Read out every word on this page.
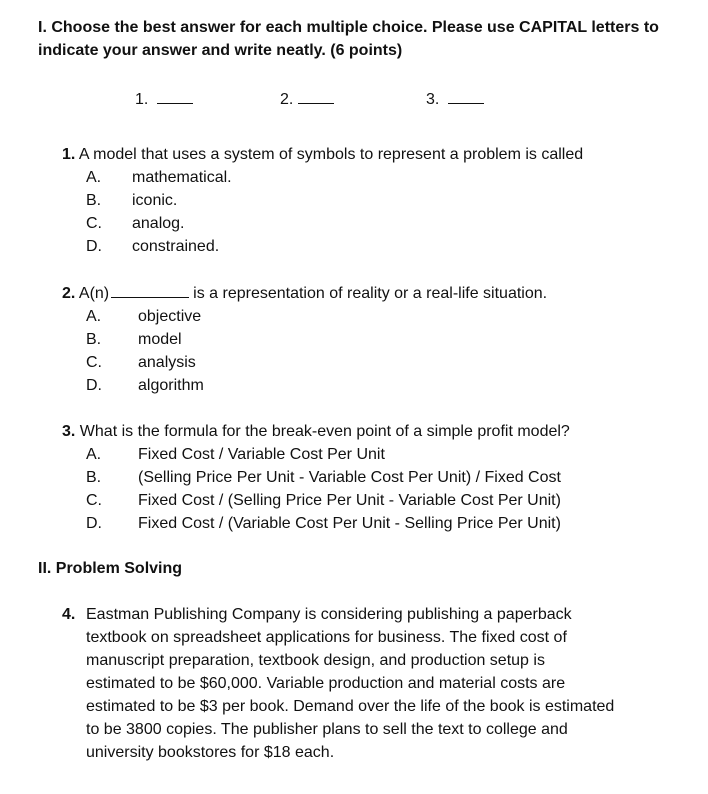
I. Choose the best answer for each multiple choice. Please use CAPITAL letters to
indicate your answer and write neatly. (6 points)
1.	2.	3.
1. A model that uses a system of symbols to represent a problem is called
A. mathematical.
B. iconic.
C. analog.
D. constrained.
2. A(n)	is a representation of reality or a real-life situation.
A. objective
B. model
C. analysis
D. algorithm
3. What is the formula for the break-even point of a simple profit model?
A. Fixed Cost / Variable Cost Per Unit
B. (Selling Price Per Unit - Variable Cost Per Unit) / Fixed Cost
C. Fixed Cost / (Selling Price Per Unit - Variable Cost Per Unit)
D. Fixed Cost / (Variable Cost Per Unit - Selling Price Per Unit)
II. Problem Solving
4. Eastman Publishing Company is considering publishing a paperback
textbook on spreadsheet applications for business. The fixed cost of
manuscript preparation, textbook design, and production setup is
estimated to be $60,000. Variable production and material costs are
estimated to be $3 per book. Demand over the life of the book is estimated
to be 3800 copies. The publisher plans to sell the text to college and
university bookstores for $18 each.
